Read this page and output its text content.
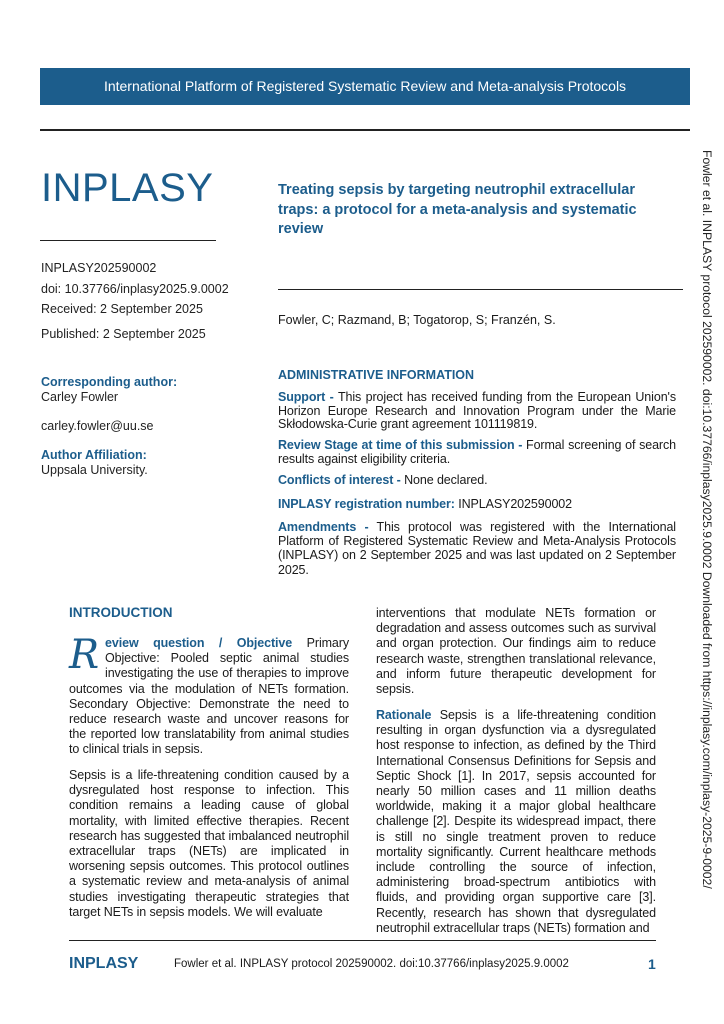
International Platform of Registered Systematic Review and Meta-analysis Protocols
INPLASY
INPLASY202590002
doi: 10.37766/inplasy2025.9.0002
Received: 2 September 2025
Published: 2 September 2025
Corresponding author:
Carley Fowler
carley.fowler@uu.se
Author Affiliation:
Uppsala University.
Treating sepsis by targeting neutrophil extracellular traps: a protocol for a meta-analysis and systematic review
Fowler, C; Razmand, B; Togatorop, S; Franzén, S.
ADMINISTRATIVE INFORMATION
Support - This project has received funding from the European Union's Horizon Europe Research and Innovation Program under the Marie Skłodowska-Curie grant agreement 101119819.
Review Stage at time of this submission - Formal screening of search results against eligibility criteria.
Conflicts of interest - None declared.
INPLASY registration number: INPLASY202590002
Amendments - This protocol was registered with the International Platform of Registered Systematic Review and Meta-Analysis Protocols (INPLASY) on 2 September 2025 and was last updated on 2 September 2025.
INTRODUCTION
Review question / Objective Primary Objective: Pooled septic animal studies investigating the use of therapies to improve outcomes via the modulation of NETs formation. Secondary Objective: Demonstrate the need to reduce research waste and uncover reasons for the reported low translatability from animal studies to clinical trials in sepsis.
Sepsis is a life-threatening condition caused by a dysregulated host response to infection. This condition remains a leading cause of global mortality, with limited effective therapies. Recent research has suggested that imbalanced neutrophil extracellular traps (NETs) are implicated in worsening sepsis outcomes. This protocol outlines a systematic review and meta-analysis of animal studies investigating therapeutic strategies that target NETs in sepsis models. We will evaluate
interventions that modulate NETs formation or degradation and assess outcomes such as survival and organ protection. Our findings aim to reduce research waste, strengthen translational relevance, and inform future therapeutic development for sepsis.
Rationale Sepsis is a life-threatening condition resulting in organ dysfunction via a dysregulated host response to infection, as defined by the Third International Consensus Definitions for Sepsis and Septic Shock [1]. In 2017, sepsis accounted for nearly 50 million cases and 11 million deaths worldwide, making it a major global healthcare challenge [2]. Despite its widespread impact, there is still no single treatment proven to reduce mortality significantly. Current healthcare methods include controlling the source of infection, administering broad-spectrum antibiotics with fluids, and providing organ supportive care [3]. Recently, research has shown that dysregulated neutrophil extracellular traps (NETs) formation and
Fowler et al. INPLASY protocol 202590002. doi:10.37766/inplasy2025.9.0002 Downloaded from https://inplasy.com/inplasy-2025-9-0002/
INPLASY	Fowler et al. INPLASY protocol 202590002. doi:10.37766/inplasy2025.9.0002	1
